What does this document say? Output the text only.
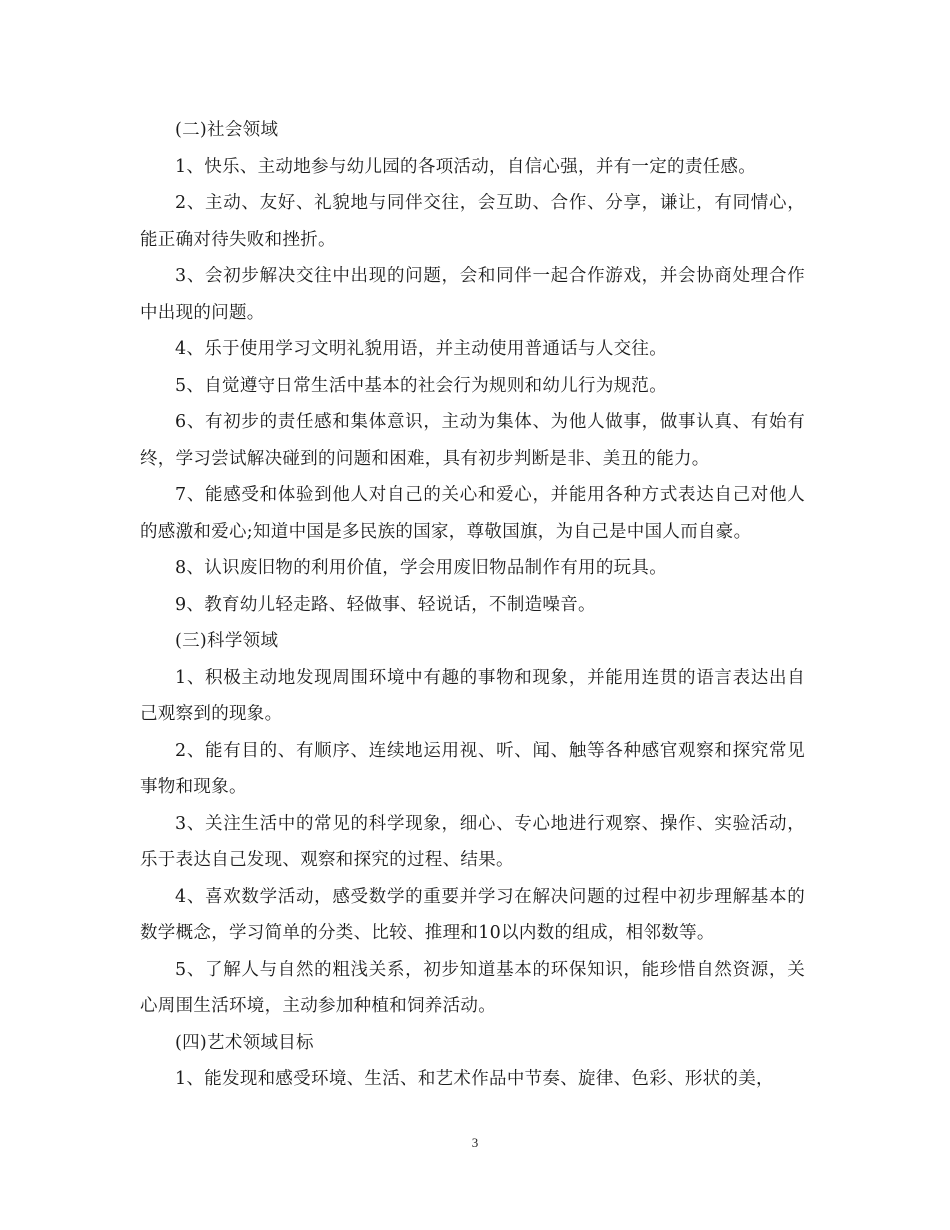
(二)社会领域

1、快乐、主动地参与幼儿园的各项活动，自信心强，并有一定的责任感。

2、主动、友好、礼貌地与同伴交往，会互助、合作、分享，谦让，有同情心，能正确对待失败和挫折。

3、会初步解决交往中出现的问题，会和同伴一起合作游戏，并会协商处理合作中出现的问题。

4、乐于使用学习文明礼貌用语，并主动使用普通话与人交往。

5、自觉遵守日常生活中基本的社会行为规则和幼儿行为规范。

6、有初步的责任感和集体意识，主动为集体、为他人做事，做事认真、有始有终，学习尝试解决碰到的问题和困难，具有初步判断是非、美丑的能力。

7、能感受和体验到他人对自己的关心和爱心，并能用各种方式表达自己对他人的感激和爱心;知道中国是多民族的国家，尊敬国旗，为自己是中国人而自豪。

8、认识废旧物的利用价值，学会用废旧物品制作有用的玩具。

9、教育幼儿轻走路、轻做事、轻说话，不制造噪音。

(三)科学领域

1、积极主动地发现周围环境中有趣的事物和现象，并能用连贯的语言表达出自己观察到的现象。

2、能有目的、有顺序、连续地运用视、听、闻、触等各种感官观察和探究常见事物和现象。

3、关注生活中的常见的科学现象，细心、专心地进行观察、操作、实验活动，乐于表达自己发现、观察和探究的过程、结果。

4、喜欢数学活动，感受数学的重要并学习在解决问题的过程中初步理解基本的数学概念，学习简单的分类、比较、推理和10以内数的组成，相邻数等。

5、了解人与自然的粗浅关系，初步知道基本的环保知识，能珍惜自然资源，关心周围生活环境，主动参加种植和饲养活动。

(四)艺术领域目标

1、能发现和感受环境、生活、和艺术作品中节奏、旋律、色彩、形状的美，

3
